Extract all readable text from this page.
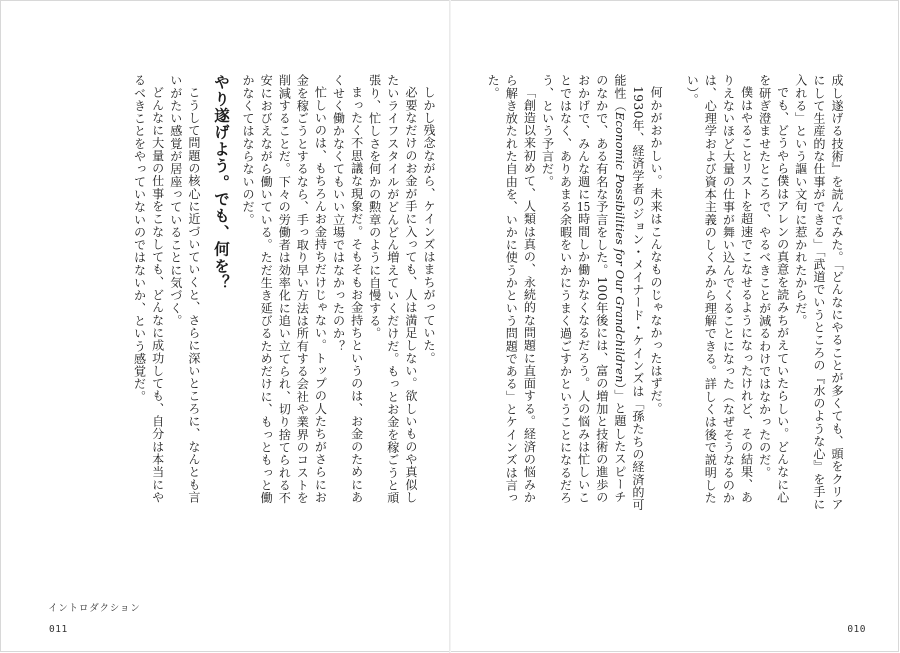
成し遂げる技術』を読んでみた。「どんなにやることが多くても、頭をクリアにして生産的な仕事ができる」「武道でいうところの『水のような心』を手に入れる」という謳い文句に惹かれたからだ。

でも、どうやら僕はアレンの真意を読みちがえていたらしい。どんなに心を研ぎ澄ませたところで、やるべきことが減るわけではなかったのだ。

僕はやることリストを超速でこなせるようになったけれど、その結果、ありえないほど大量の仕事が舞い込んでくることになった（なぜそうなるのかは、心理学および資本主義のしくみから理解できる。詳しくは後で説明したい）。

何かがおかしい。未来はこんなものじゃなかったはずだ。

1930年、経済学者のジョン・メイナード・ケインズは「孫たちの経済的可能性（Economic Possibilities for Our Grandchildren）」と題したスピーチのなかで、ある有名な予言をした。100年後には、富の増加と技術の進歩のおかげで、みんな週に15時間しか働かなくなるだろう。人の悩みは忙しいことではなく、ありあまる余暇をいかにうまく過ごすかということになるだろう、という予言だ。

「創造以来初めて、人類は真の、永続的な問題に直面する。経済の悩みから解き放たれた自由を、いかに使うかという問題である」とケインズは言った。

しかし残念ながら、ケインズはまちがっていた。

必要なだけのお金が手に入っても、人は満足しない。欲しいものや真似したいライフスタイルがどんどん増えていくだけだ。もっとお金を稼ごうと頑張り、忙しさを何かの勲章のように自慢する。

まったく不思議な現象だ。そもそもお金持ちというのは、お金のためにあくせく働かなくてもいい立場ではなかったのか？

忙しいのは、もちろんお金持ちだけじゃない。トップの人たちがさらにお金を稼ごうとするなら、手っ取り早い方法は所有する会社や業界のコストを削減することだ。下々の労働者は効率化に追い立てられ、切り捨てられる不安におびえながら働いている。ただ生き延びるためだけに、もっともっと働かなくてはならないのだ。

やり遂げよう。でも、何を？

こうして問題の核心に近づいていくと、さらに深いところに、なんとも言いがたい感覚が居座っていることに気づく。

どんなに大量の仕事をこなしても、どんなに成功しても、自分は本当にやるべきことをやっていないのではないか、という感覚だ。

イントロダクション
011	010
